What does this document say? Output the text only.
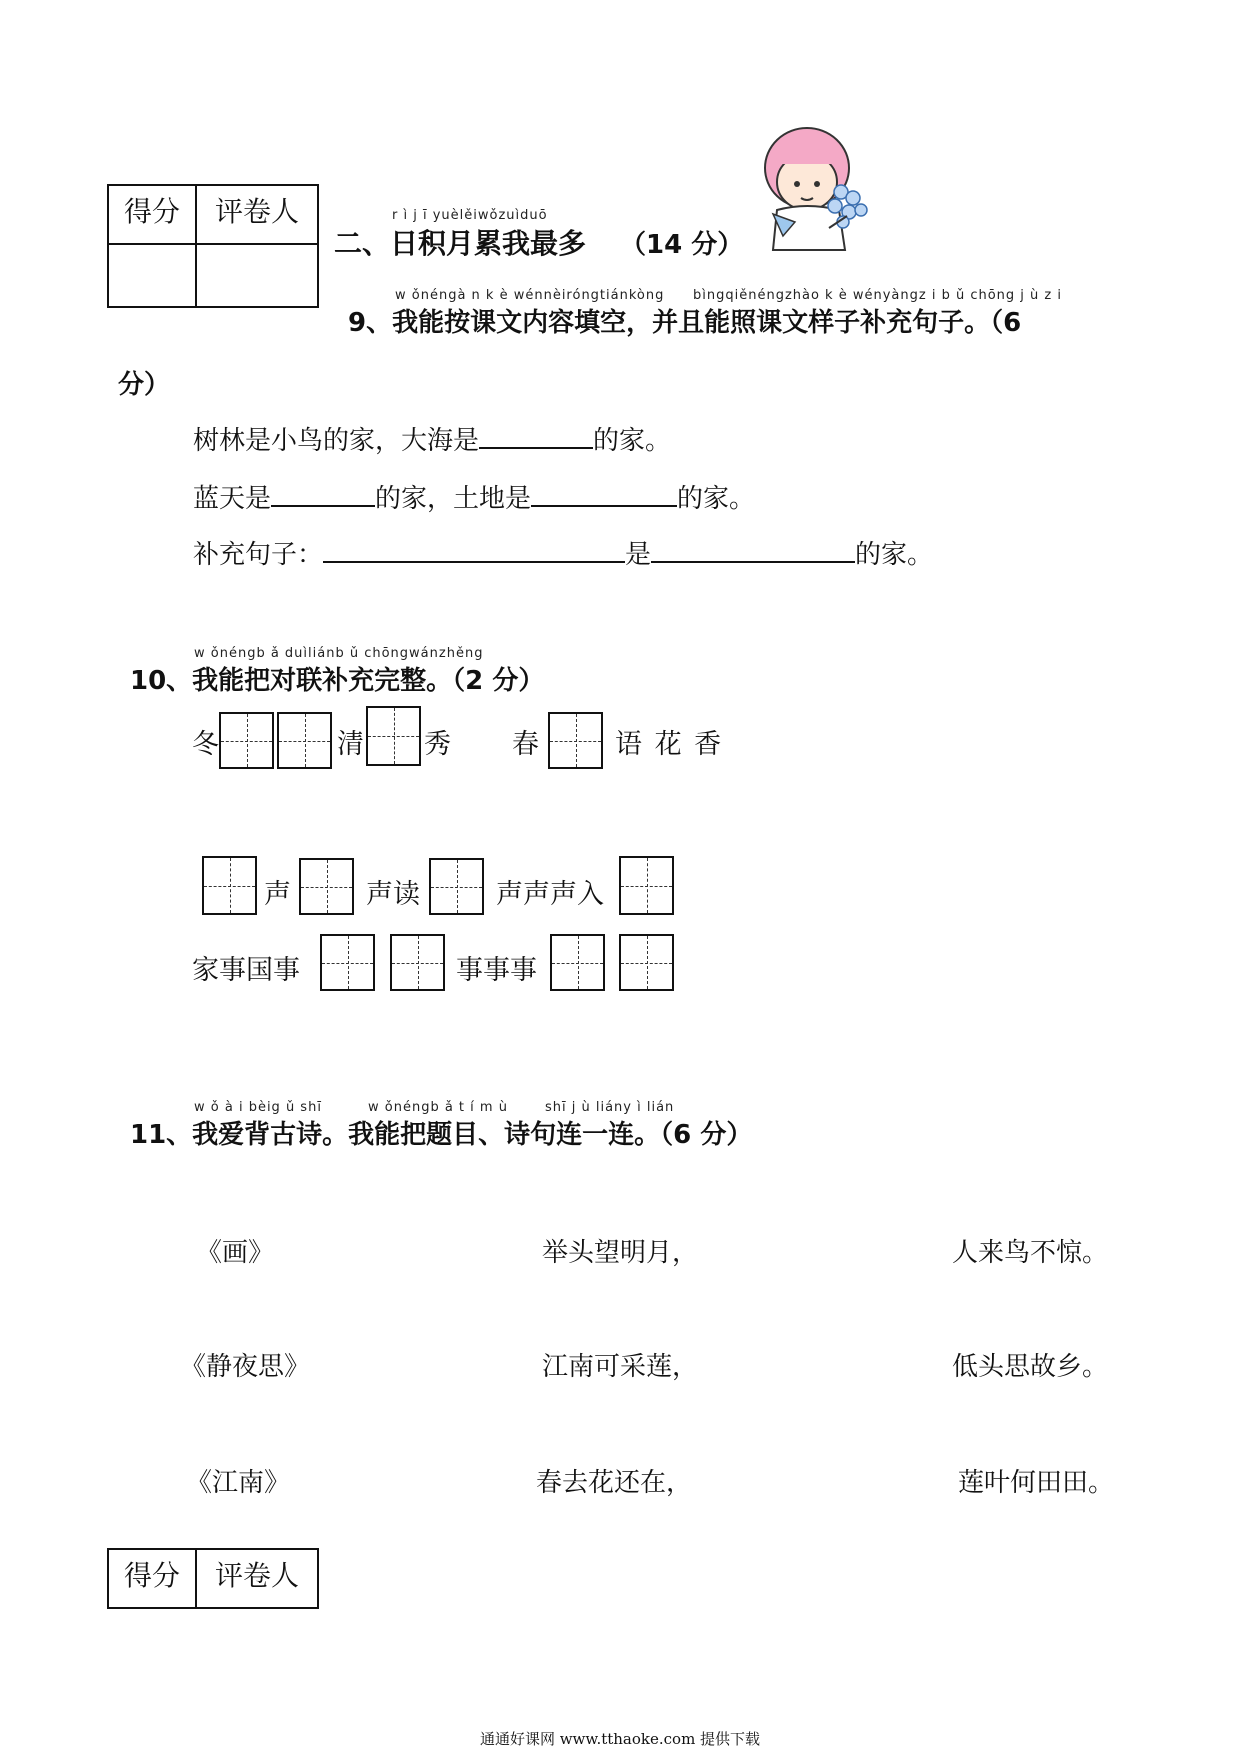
得分	评卷人
		r ì j ī yuèlěiwǒzuìduō
二、日积月累我最多 （14 分）
w ǒnéngà n k è wénnèiróngtiánkòng bìngqiěnéngzhào k è wényàngz i b ǔ chōng j ù z i
9、我能按课文内容填空，并且能照课文样子补充句子。（6
分）
树林是小鸟的家，大海是	的家。
蓝天是	的家，土地是	的家。
补充句子：	是	的家。
w ǒnéngb ǎ duìliánb ǔ chōngwánzhěng
10、我能把对联补充完整。（2 分）
冬	清 秀 春	语 花 香
声	声读	声声声入
家事国事	事事事
w ǒ à i bèig ǔ shī	w ǒnéngb ǎ t í m ù	shī j ù liány ì lián
11、我爱背古诗。我能把题目、诗句连一连。（6 分）
《画》	举头望明月，	人来鸟不惊。
《静夜思》	江南可采莲，	低头思故乡。
《江南》	春去花还在，	莲叶何田田。
得分	评卷人
通通好课网 www.tthaoke.com 提供下载
